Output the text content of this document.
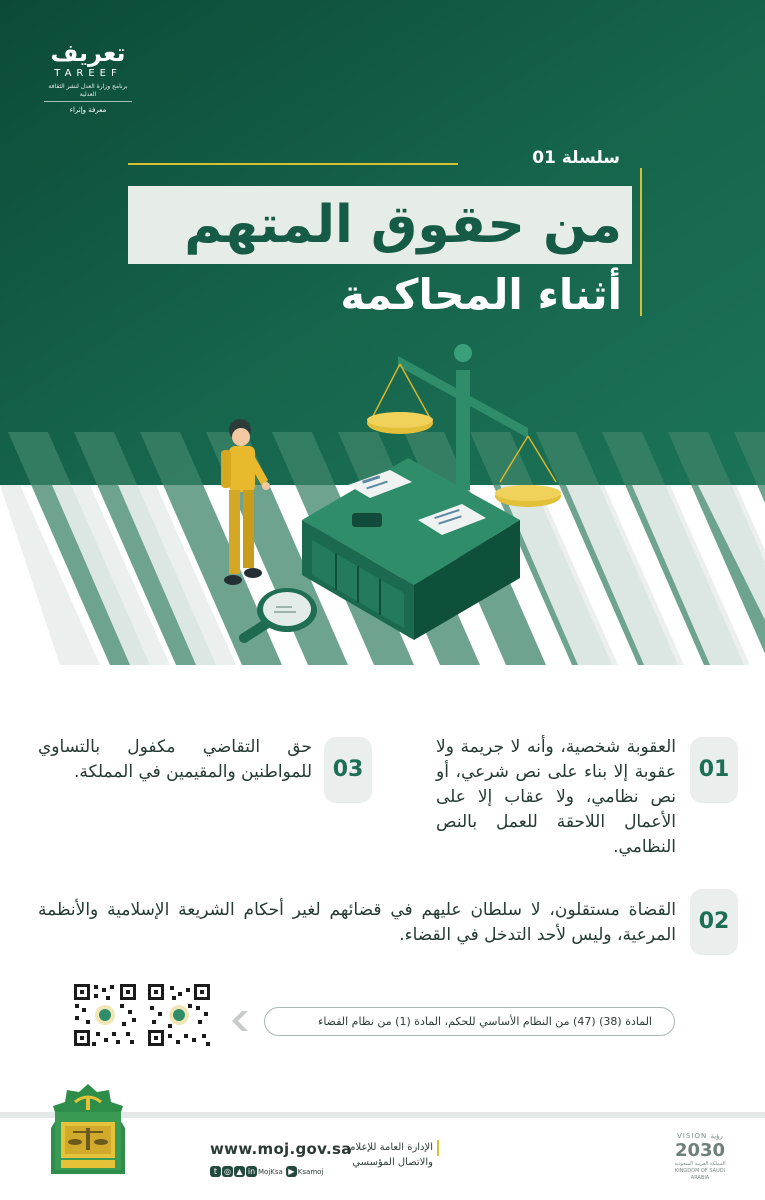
تعريف
TAREEF
برنامج وزارة العدل لنشر الثقافة العدلية
معرفة وإثراء
سلسلة 01
من حقوق المتهم
أثناء المحاكمة
01
العقوبة شخصية، وأنه لا جريمة ولا عقوبة إلا بناء على نص شرعي، أو نص نظامي، ولا عقاب إلا على الأعمال اللاحقة للعمل بالنص النظامي.
03
حق التقاضي مكفول بالتساوي للمواطنين والمقيمين في المملكة.
02
القضاة مستقلون، لا سلطان عليهم في قضائهم لغير أحكام الشريعة الإسلامية والأنظمة المرعية، وليس لأحد التدخل في القضاء.
المادة (38) (47) من النظام الأساسي للحكم، المادة (1) من نظام القضاء
www.moj.gov.sa
t ◎ ▲ in MojKsa ▶ Ksamoj
الإدارة العامة للإعلام
والاتصال المؤسسي
VISION رؤية
2030
المملكة العربية السعودية KINGDOM OF SAUDI ARABIA
